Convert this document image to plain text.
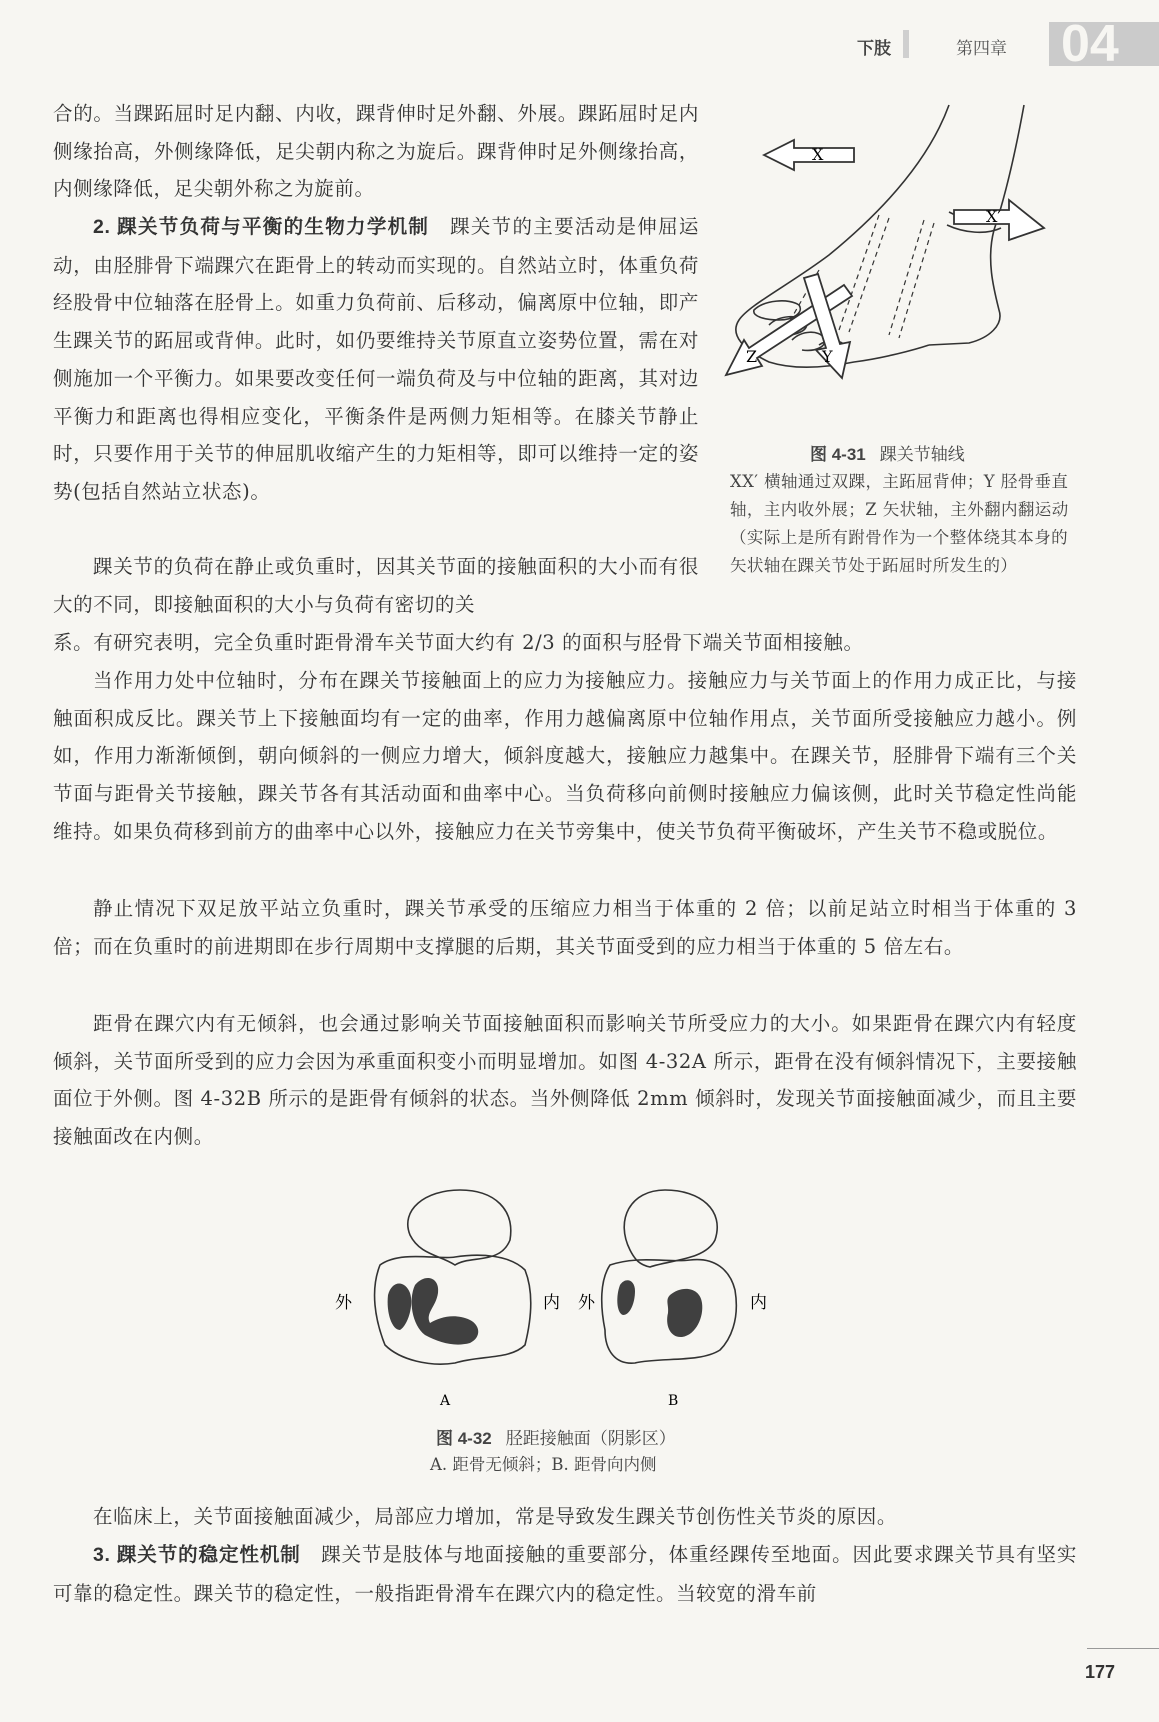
下肢	第四章 04

合的。当踝跖屈时足内翻、内收，踝背伸时足外翻、外展。踝跖屈时足内侧缘抬高，外侧缘降低，足尖朝内称之为旋后。踝背伸时足外侧缘抬高，内侧缘降低，足尖朝外称之为旋前。

2. 踝关节负荷与平衡的生物力学机制　 踝关节的主要活动是伸屈运动，由胫腓骨下端踝穴在距骨上的转动而实现的。自然站立时，体重负荷经股骨中位轴落在胫骨上。如重力负荷前、后移动，偏离原中位轴，即产生踝关节的跖屈或背伸。此时，如仍要维持关节原直立姿势位置，需在对侧施加一个平衡力。如果要改变任何一端负荷及与中位轴的距离，其对边平衡力和距离也得相应变化，平衡条件是两侧力矩相等。在膝关节静止时，只要作用于关节的伸屈肌收缩产生的力矩相等，即可以维持一定的姿势(包括自然站立状态)。

踝关节的负荷在静止或负重时，因其关节面的接触面积的大小而有很大的不同，即接触面积的大小与负荷有密切的关

系。有研究表明，完全负重时距骨滑车关节面大约有 2/3 的面积与胫骨下端关节面相接触。

当作用力处中位轴时，分布在踝关节接触面上的应力为接触应力。接触应力与关节面上的作用力成正比，与接触面积成反比。踝关节上下接触面均有一定的曲率，作用力越偏离原中位轴作用点，关节面所受接触应力越小。例如，作用力渐渐倾倒，朝向倾斜的一侧应力增大，倾斜度越大，接触应力越集中。在踝关节，胫腓骨下端有三个关节面与距骨关节接触，踝关节各有其活动面和曲率中心。当负荷移向前侧时接触应力偏该侧，此时关节稳定性尚能维持。如果负荷移到前方的曲率中心以外，接触应力在关节旁集中，使关节负荷平衡破坏，产生关节不稳或脱位。

静止情况下双足放平站立负重时，踝关节承受的压缩应力相当于体重的 2 倍；以前足站立时相当于体重的 3 倍；而在负重时的前进期即在步行周期中支撑腿的后期，其关节面受到的应力相当于体重的 5 倍左右。

距骨在踝穴内有无倾斜，也会通过影响关节面接触面积而影响关节所受应力的大小。如果距骨在踝穴内有轻度倾斜，关节面所受到的应力会因为承重面积变小而明显增加。如图 4-32A 所示，距骨在没有倾斜情况下，主要接触面位于外侧。图 4-32B 所示的是距骨有倾斜的状态。当外侧降低 2mm 倾斜时，发现关节面接触面减少，而且主要接触面改在内侧。

X
X′
Z	Y

图 4-31 踝关节轴线

XX′ 横轴通过双踝，主跖屈背伸；Y 胫骨垂直轴，主内收外展；Z 矢状轴，主外翻内翻运动（实际上是所有跗骨作为一个整体绕其本身的矢状轴在踝关节处于跖屈时所发生的）

外	内 外	内
A	B

图 4-32 胫距接触面（阴影区）

A. 距骨无倾斜；B. 距骨向内侧

在临床上，关节面接触面减少，局部应力增加，常是导致发生踝关节创伤性关节炎的原因。

3. 踝关节的稳定性机制　 踝关节是肢体与地面接触的重要部分，体重经踝传至地面。因此要求踝关节具有坚实可靠的稳定性。踝关节的稳定性，一般指距骨滑车在踝穴内的稳定性。当较宽的滑车前

177
